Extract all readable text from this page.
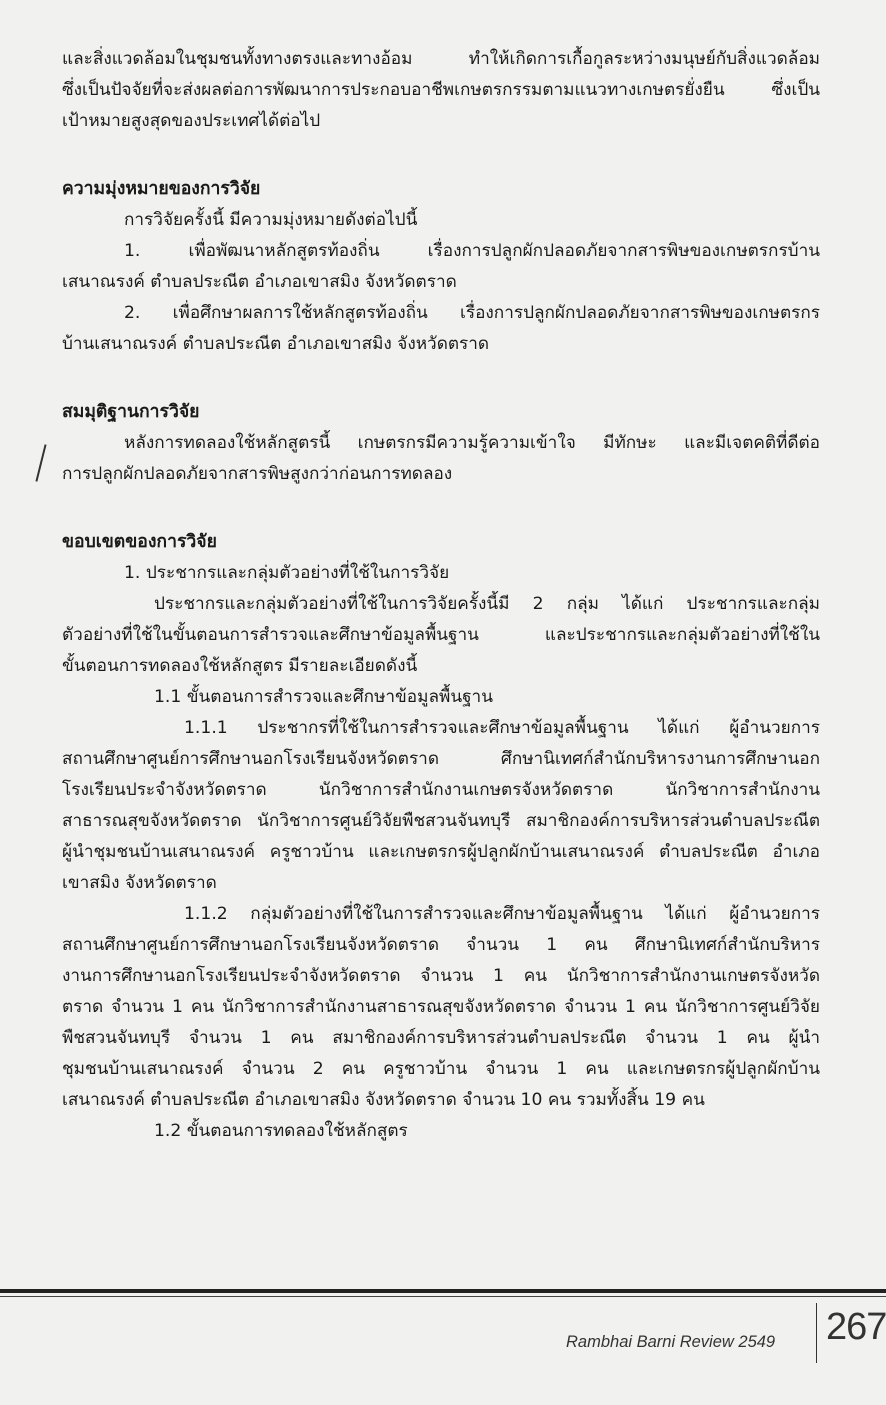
และสิ่งแวดล้อมในชุมชนทั้งทางตรงและทางอ้อม ทำให้เกิดการเกื้อกูลระหว่างมนุษย์กับสิ่งแวดล้อม

ซึ่งเป็นปัจจัยที่จะส่งผลต่อการพัฒนาการประกอบอาชีพเกษตรกรรมตามแนวทางเกษตรยั่งยืน ซึ่งเป็น

เป้าหมายสูงสุดของประเทศได้ต่อไป

ความมุ่งหมายของการวิจัย

การวิจัยครั้งนี้ มีความมุ่งหมายดังต่อไปนี้

1. เพื่อพัฒนาหลักสูตรท้องถิ่น เรื่องการปลูกผักปลอดภัยจากสารพิษของเกษตรกรบ้าน

เสนาณรงค์ ตำบลประณีต อำเภอเขาสมิง จังหวัดตราด

2. เพื่อศึกษาผลการใช้หลักสูตรท้องถิ่น เรื่องการปลูกผักปลอดภัยจากสารพิษของเกษตรกร

บ้านเสนาณรงค์ ตำบลประณีต อำเภอเขาสมิง จังหวัดตราด

สมมุติฐานการวิจัย

หลังการทดลองใช้หลักสูตรนี้ เกษตรกรมีความรู้ความเข้าใจ มีทักษะ และมีเจตคติที่ดีต่อ

การปลูกผักปลอดภัยจากสารพิษสูงกว่าก่อนการทดลอง

ขอบเขตของการวิจัย

1. ประชากรและกลุ่มตัวอย่างที่ใช้ในการวิจัย

ประชากรและกลุ่มตัวอย่างที่ใช้ในการวิจัยครั้งนี้มี 2 กลุ่ม ได้แก่ ประชากรและกลุ่ม

ตัวอย่างที่ใช้ในขั้นตอนการสำรวจและศึกษาข้อมูลพื้นฐาน และประชากรและกลุ่มตัวอย่างที่ใช้ใน

ขั้นตอนการทดลองใช้หลักสูตร มีรายละเอียดดังนี้

1.1 ขั้นตอนการสำรวจและศึกษาข้อมูลพื้นฐาน

1.1.1 ประชากรที่ใช้ในการสำรวจและศึกษาข้อมูลพื้นฐาน ได้แก่ ผู้อำนวยการ

สถานศึกษาศูนย์การศึกษานอกโรงเรียนจังหวัดตราด ศึกษานิเทศก์สำนักบริหารงานการศึกษานอก

โรงเรียนประจำจังหวัดตราด นักวิชาการสำนักงานเกษตรจังหวัดตราด นักวิชาการสำนักงาน

สาธารณสุขจังหวัดตราด นักวิชาการศูนย์วิจัยพืชสวนจันทบุรี สมาชิกองค์การบริหารส่วนตำบลประณีต

ผู้นำชุมชนบ้านเสนาณรงค์ ครูชาวบ้าน และเกษตรกรผู้ปลูกผักบ้านเสนาณรงค์ ตำบลประณีต อำเภอ

เขาสมิง จังหวัดตราด

1.1.2 กลุ่มตัวอย่างที่ใช้ในการสำรวจและศึกษาข้อมูลพื้นฐาน ได้แก่ ผู้อำนวยการ

สถานศึกษาศูนย์การศึกษานอกโรงเรียนจังหวัดตราด จำนวน 1 คน ศึกษานิเทศก์สำนักบริหาร

งานการศึกษานอกโรงเรียนประจำจังหวัดตราด จำนวน 1 คน นักวิชาการสำนักงานเกษตรจังหวัด

ตราด จำนวน 1 คน นักวิชาการสำนักงานสาธารณสุขจังหวัดตราด จำนวน 1 คน นักวิชาการศูนย์วิจัย

พืชสวนจันทบุรี จำนวน 1 คน สมาชิกองค์การบริหารส่วนตำบลประณีต จำนวน 1 คน ผู้นำ

ชุมชนบ้านเสนาณรงค์ จำนวน 2 คน ครูชาวบ้าน จำนวน 1 คน และเกษตรกรผู้ปลูกผักบ้าน

เสนาณรงค์ ตำบลประณีต อำเภอเขาสมิง จังหวัดตราด จำนวน 10 คน รวมทั้งสิ้น 19 คน

1.2 ขั้นตอนการทดลองใช้หลักสูตร

Rambhai Barni Review 2549 267
